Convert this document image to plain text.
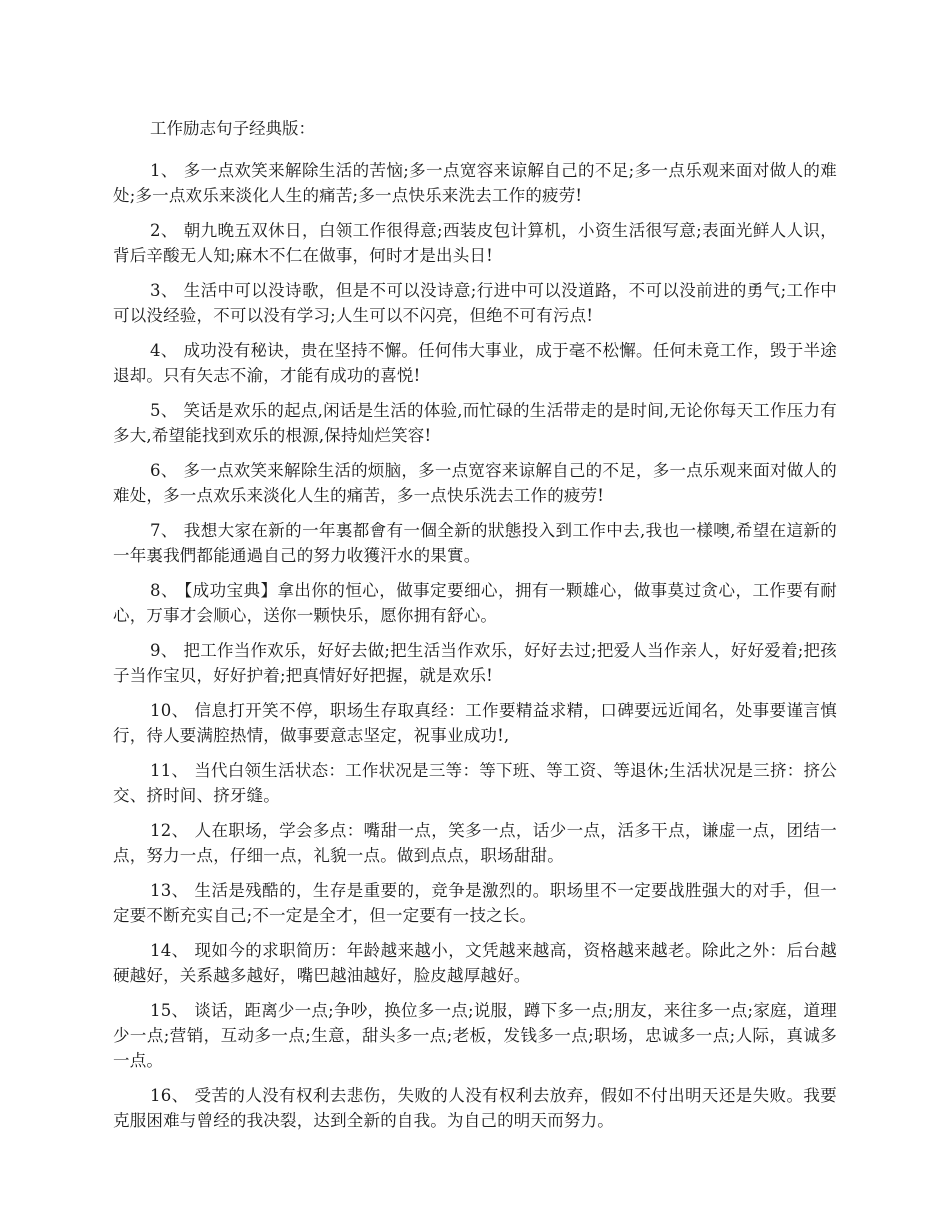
工作励志句子经典版：

1、 多一点欢笑来解除生活的苦恼;多一点宽容来谅解自己的不足;多一点乐观来面对做人的难处;多一点欢乐来淡化人生的痛苦;多一点快乐来洗去工作的疲劳!

2、 朝九晚五双休日，白领工作很得意;西装皮包计算机，小资生活很写意;表面光鲜人人识，背后辛酸无人知;麻木不仁在做事，何时才是出头日!

3、 生活中可以没诗歌，但是不可以没诗意;行进中可以没道路，不可以没前进的勇气;工作中可以没经验，不可以没有学习;人生可以不闪亮，但绝不可有污点!

4、 成功没有秘诀，贵在坚持不懈。任何伟大事业，成于毫不松懈。任何未竟工作，毁于半途退却。只有矢志不渝，才能有成功的喜悦!

5、 笑话是欢乐的起点,闲话是生活的体验,而忙碌的生活带走的是时间,无论你每天工作压力有多大,希望能找到欢乐的根源,保持灿烂笑容!

6、 多一点欢笑来解除生活的烦脑，多一点宽容来谅解自己的不足，多一点乐观来面对做人的难处，多一点欢乐来淡化人生的痛苦，多一点快乐洗去工作的疲劳!

7、 我想大家在新的一年裏都會有一個全新的狀態投入到工作中去,我也一樣噢,希望在這新的一年裏我們都能通過自己的努力收獲汗水的果實。

8、 【成功宝典】拿出你的恒心，做事定要细心，拥有一颗雄心，做事莫过贪心，工作要有耐心，万事才会顺心，送你一颗快乐，愿你拥有舒心。

9、 把工作当作欢乐，好好去做;把生活当作欢乐，好好去过;把爱人当作亲人，好好爱着;把孩子当作宝贝，好好护着;把真情好好把握，就是欢乐!

10、 信息打开笑不停，职场生存取真经：工作要精益求精，口碑要远近闻名，处事要谨言慎行，待人要满腔热情，做事要意志坚定，祝事业成功!,

11、 当代白领生活状态：工作状况是三等：等下班、等工资、等退休;生活状况是三挤：挤公交、挤时间、挤牙缝。

12、 人在职场，学会多点：嘴甜一点，笑多一点，话少一点，活多干点，谦虚一点，团结一点，努力一点，仔细一点，礼貌一点。做到点点，职场甜甜。

13、 生活是残酷的，生存是重要的，竞争是激烈的。职场里不一定要战胜强大的对手，但一定要不断充实自己;不一定是全才，但一定要有一技之长。

14、 现如今的求职简历：年龄越来越小，文凭越来越高，资格越来越老。除此之外：后台越硬越好，关系越多越好，嘴巴越油越好，脸皮越厚越好。

15、 谈话，距离少一点;争吵，换位多一点;说服，蹲下多一点;朋友，来往多一点;家庭，道理少一点;营销，互动多一点;生意，甜头多一点;老板，发钱多一点;职场，忠诚多一点;人际，真诚多一点。

16、 受苦的人没有权利去悲伤，失败的人没有权利去放弃，假如不付出明天还是失败。我要克服困难与曾经的我决裂，达到全新的自我。为自己的明天而努力。
